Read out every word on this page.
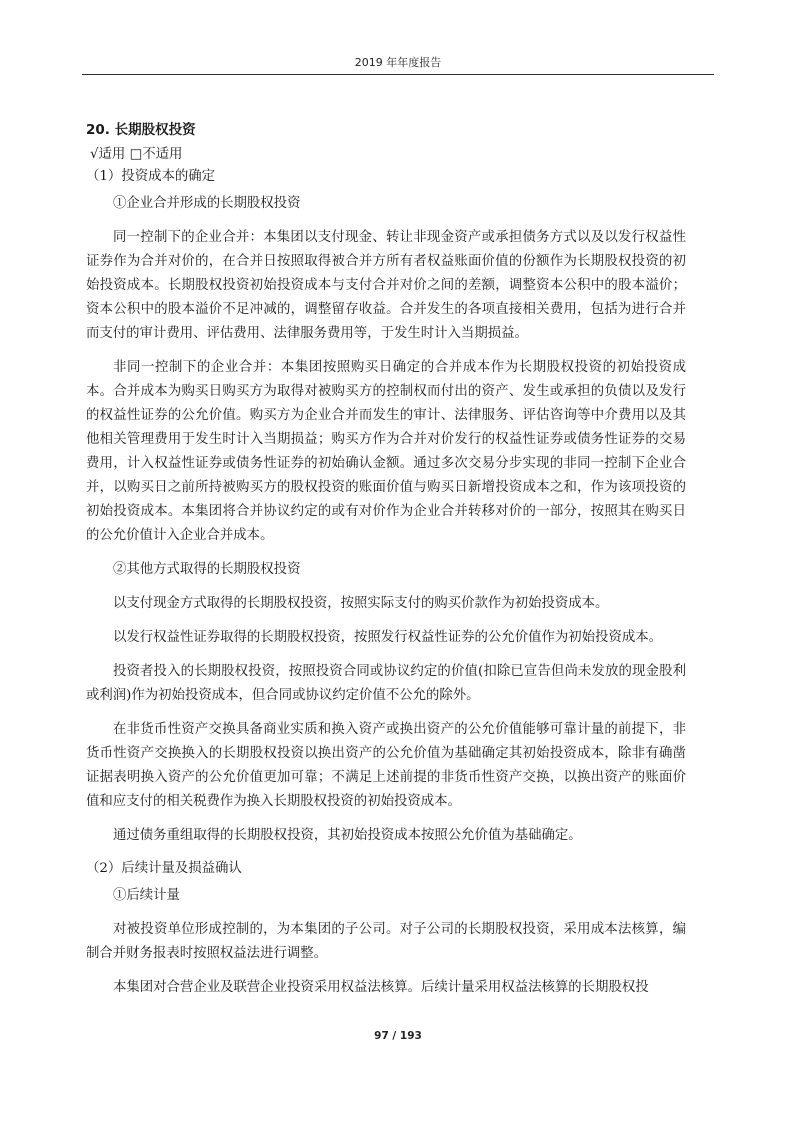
2019 年年度报告
20. 长期股权投资
√适用 □不适用
（1）投资成本的确定

①企业合并形成的长期股权投资

同一控制下的企业合并：本集团以支付现金、转让非现金资产或承担债务方式以及以发行权益性证券作为合并对价的，在合并日按照取得被合并方所有者权益账面价值的份额作为长期股权投资的初始投资成本。长期股权投资初始投资成本与支付合并对价之间的差额，调整资本公积中的股本溢价；资本公积中的股本溢价不足冲减的，调整留存收益。合并发生的各项直接相关费用，包括为进行合并而支付的审计费用、评估费用、法律服务费用等，于发生时计入当期损益。

非同一控制下的企业合并：本集团按照购买日确定的合并成本作为长期股权投资的初始投资成本。合并成本为购买日购买方为取得对被购买方的控制权而付出的资产、发生或承担的负债以及发行的权益性证券的公允价值。购买方为企业合并而发生的审计、法律服务、评估咨询等中介费用以及其他相关管理费用于发生时计入当期损益；购买方作为合并对价发行的权益性证券或债务性证券的交易费用，计入权益性证券或债务性证券的初始确认金额。通过多次交易分步实现的非同一控制下企业合并，以购买日之前所持被购买方的股权投资的账面价值与购买日新增投资成本之和，作为该项投资的初始投资成本。本集团将合并协议约定的或有对价作为企业合并转移对价的一部分，按照其在购买日的公允价值计入企业合并成本。

②其他方式取得的长期股权投资

以支付现金方式取得的长期股权投资，按照实际支付的购买价款作为初始投资成本。

以发行权益性证券取得的长期股权投资，按照发行权益性证券的公允价值作为初始投资成本。

投资者投入的长期股权投资，按照投资合同或协议约定的价值(扣除已宣告但尚未发放的现金股利或利润)作为初始投资成本，但合同或协议约定价值不公允的除外。

在非货币性资产交换具备商业实质和换入资产或换出资产的公允价值能够可靠计量的前提下，非货币性资产交换换入的长期股权投资以换出资产的公允价值为基础确定其初始投资成本，除非有确凿证据表明换入资产的公允价值更加可靠；不满足上述前提的非货币性资产交换，以换出资产的账面价值和应支付的相关税费作为换入长期股权投资的初始投资成本。

通过债务重组取得的长期股权投资，其初始投资成本按照公允价值为基础确定。

（2）后续计量及损益确认

①后续计量

对被投资单位形成控制的，为本集团的子公司。对子公司的长期股权投资，采用成本法核算，编制合并财务报表时按照权益法进行调整。

本集团对合营企业及联营企业投资采用权益法核算。后续计量采用权益法核算的长期股权投

97 / 193
